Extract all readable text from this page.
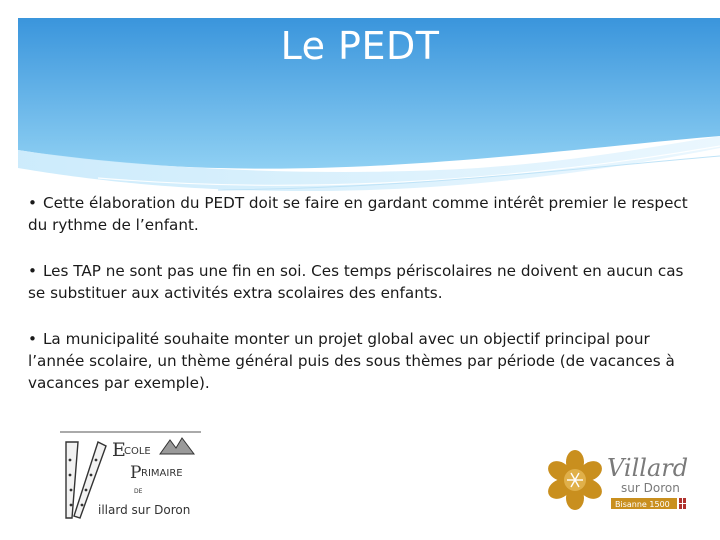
Le PEDT

• Cette élaboration du PEDT doit se faire en gardant comme intérêt premier le respect du rythme de l’enfant.

• Les TAP ne sont pas une fin en soi. Ces temps périscolaires ne doivent en aucun cas se substituer aux activités extra scolaires des enfants.

• La municipalité souhaite monter un projet global avec un objectif principal pour l’année scolaire, un thème général puis des sous thèmes par période (de vacances à vacances par exemple).

E
COLE
P RIMAIRE
DE
illard sur Doron
Villard
sur Doron
Bisanne 1500
